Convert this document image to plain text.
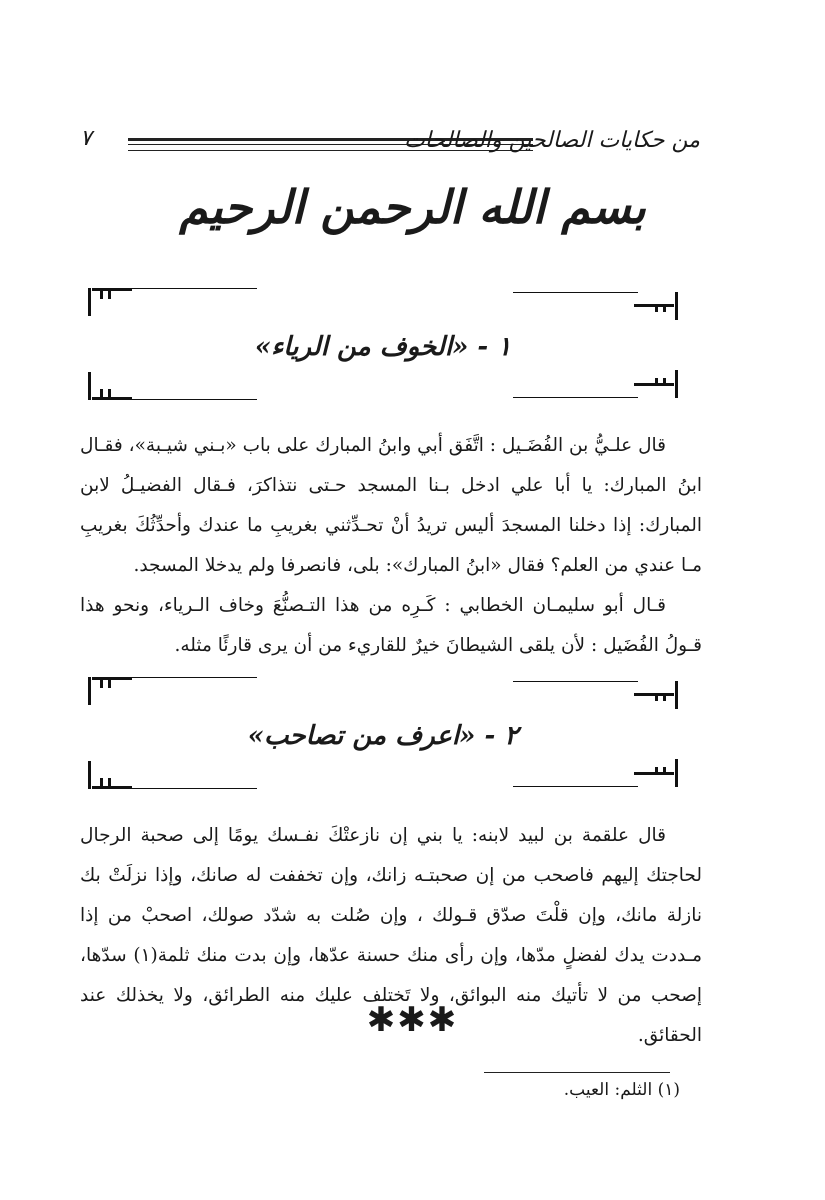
٧	من حكايات الصالحين والصالحات
بسم الله الرحمن الرحيم
١ - «الخوف من الرياء»

قال علـيُّ بن الفُضَـيل : اتَّفَق أبي وابنُ المبارك على باب «بـني شيـبة»، فقـال ابنُ المبارك: يا أبا علي ادخل بـنا المسجد حـتى نتذاكرَ، فـقال الفضيـلُ لابن المبارك: إذا دخلنا المسجدَ أليس تريدُ أنْ تحـدِّثني بغريبِ ما عندك وأحدِّثُكَ بغريبِ مـا عندي من العلم؟ فقال «ابنُ المبارك»: بلى، فانصرفا ولم يدخلا المسجد.

قـال أبو سليمـان الخطابي : كَـرِه من هذا التـصنُّعَ وخاف الـرياء، ونحو هذا قـولُ الفُضَيل : لأن يلقى الشيطانَ خيرٌ للقاريء من أن يرى قارئًا مثله.

٢ - «اعرف من تصاحب»

قال علقمة بن لبيد لابنه: يا بني إن نازعتْكَ نفـسك يومًا إلى صحبة الرجال لحاجتك إليهم فاصحب من إن صحبتـه زانك، وإن تخففت له صانك، وإذا نزلَتْ بك نازلة مانك، وإن قلْتَ صدّق قـولك ، وإن صُلت به شدّد صولك، اصحبْ من إذا مـددت يدك لفضلٍ مدّها، وإن رأى منك حسنة عدّها، وإن بدت منك ثلمة(١) سدّها، إصحب من لا تأتيك منه البوائق، ولا تَختلف عليك منه الطرائق، ولا يخذلك عند الحقائق.

✱✱✱
(١) الثلم: العيب.
